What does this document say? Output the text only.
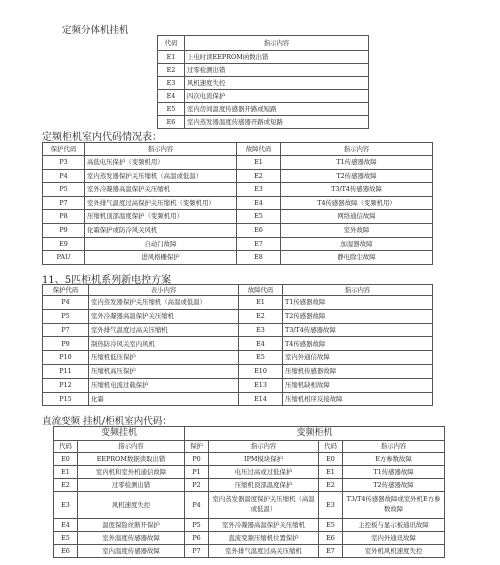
定频分体机挂机
代码	指示内容
E1	上电时读EEPROM函数出错
E2	过零检测出错
E3	风机速度失控
E4	四次电流保护
E5	室内房间温度传感器开路或短路
E6	室内蒸发器温度传感器开路或短路
定频柜机室内代码情况表：
保护代码	指示内容	故障代码	指示内容
P3	高低电压保护（变频机用）	E1	T1传感器故障
P4	室内蒸发器保护关压缩机（高温或低温）	E2	T2传感器故障
P5	室外冷凝器高温保护关压缩机	E3	T3/T4传感器故障
P7	室外排气温度过高保护关压缩机（变频机用）	E4	T4传感器故障（变频机用）
P8	压缩机顶部温度保护（变频机用）	E5	网络通信故障
P9	化霜保护或防冷风关风机	E6	室外故障
E9	自动门故障	E7	加湿器故障
PAU	进风格栅保护	E8	静电除尘故障
11、5匹柜机系列新电控方案
保护代码	表小内容	故障代码	指示内容
P4	室内蒸发器保护关压缩机（高温或低温）	E1	T1传感器故障
P5	室外冷凝器高温保护关压缩机	E2	T2传感器故障
P7	室外排气温度过高关压缩机	E3	T3/T4传感器故障
P9	制热防冷风关室内风机	E4	T4传感器故障
P10	压缩机低压保护	E5	室内外通信故障
P11	压缩机高压保护	E10	压缩机传感器故障
P12	压缩机电流过载保护	E13	压缩机缺相故障
P15	化霜	E14	压缩机相序反接故障
直流变频 挂机/柜机室内代码：
变频挂机		变频柜机			
代码	指示内容	保护	指示内容	代码	指示内容
E0	EEPROM数据读取出错	P0	IPM模块保护	E0	E方参数故障
E1	室内机和室外机通信故障	P1	电压过高或过低保护	E1	T1传感器故障
E2	过零检测出错	P2	压缩机顶部温度保护	E2	T2传感器故障
E3	风机速度失控	P4	室内蒸发器温度保护关压缩机（高温或低温）	E3	T3/T4传感器故障或室外机E方参数故障
E4	温度保险丝断开保护	P5	室外冷凝器高温保护关压缩机	E5	主控板与显示板通讯故障
E5	室外温度传感器故障	P6	直流变频压缩机位置保护	E6	室内外通讯故障
E6	室内温度传感器故障	P7	室外排气温度过高关压缩机	E7	室外机风机速度失控
